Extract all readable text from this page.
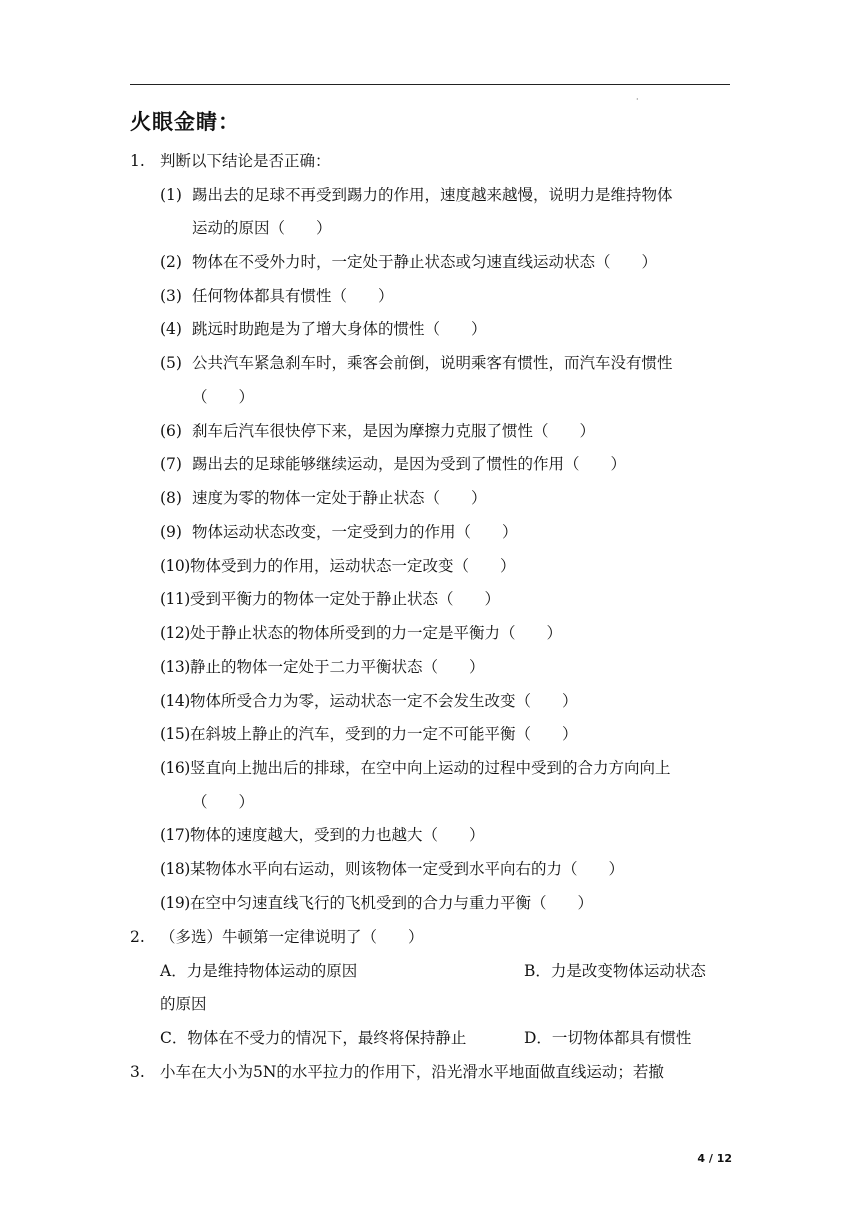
·
火眼金睛：
1. 判断以下结论是否正确：
(1) 踢出去的足球不再受到踢力的作用，速度越来越慢，说明力是维持物体
运动的原因（　　）
(2) 物体在不受外力时，一定处于静止状态或匀速直线运动状态（　　）
(3) 任何物体都具有惯性（　　）
(4) 跳远时助跑是为了增大身体的惯性（　　）
(5) 公共汽车紧急刹车时，乘客会前倒，说明乘客有惯性，而汽车没有惯性
（　　）
(6) 刹车后汽车很快停下来，是因为摩擦力克服了惯性（　　）
(7) 踢出去的足球能够继续运动，是因为受到了惯性的作用（　　）
(8) 速度为零的物体一定处于静止状态（　　）
(9) 物体运动状态改变，一定受到力的作用（　　）
(10) 物体受到力的作用，运动状态一定改变（　　）
(11) 受到平衡力的物体一定处于静止状态（　　）
(12) 处于静止状态的物体所受到的力一定是平衡力（　　）
(13) 静止的物体一定处于二力平衡状态（　　）
(14) 物体所受合力为零，运动状态一定不会发生改变（　　）
(15) 在斜坡上静止的汽车，受到的力一定不可能平衡（　　）
(16) 竖直向上抛出后的排球，在空中向上运动的过程中受到的合力方向向上
（　　）
(17) 物体的速度越大，受到的力也越大（　　）
(18) 某物体水平向右运动，则该物体一定受到水平向右的力（　　）
(19) 在空中匀速直线飞行的飞机受到的合力与重力平衡（　　）
2. （多选）牛顿第一定律说明了（　　）
A．力是维持物体运动的原因	B．力是改变物体运动状态
的原因
C．物体在不受力的情况下，最终将保持静止	D．一切物体都具有惯性
3. 小车在大小为5N的水平拉力的作用下，沿光滑水平地面做直线运动；若撤
4 / 12
